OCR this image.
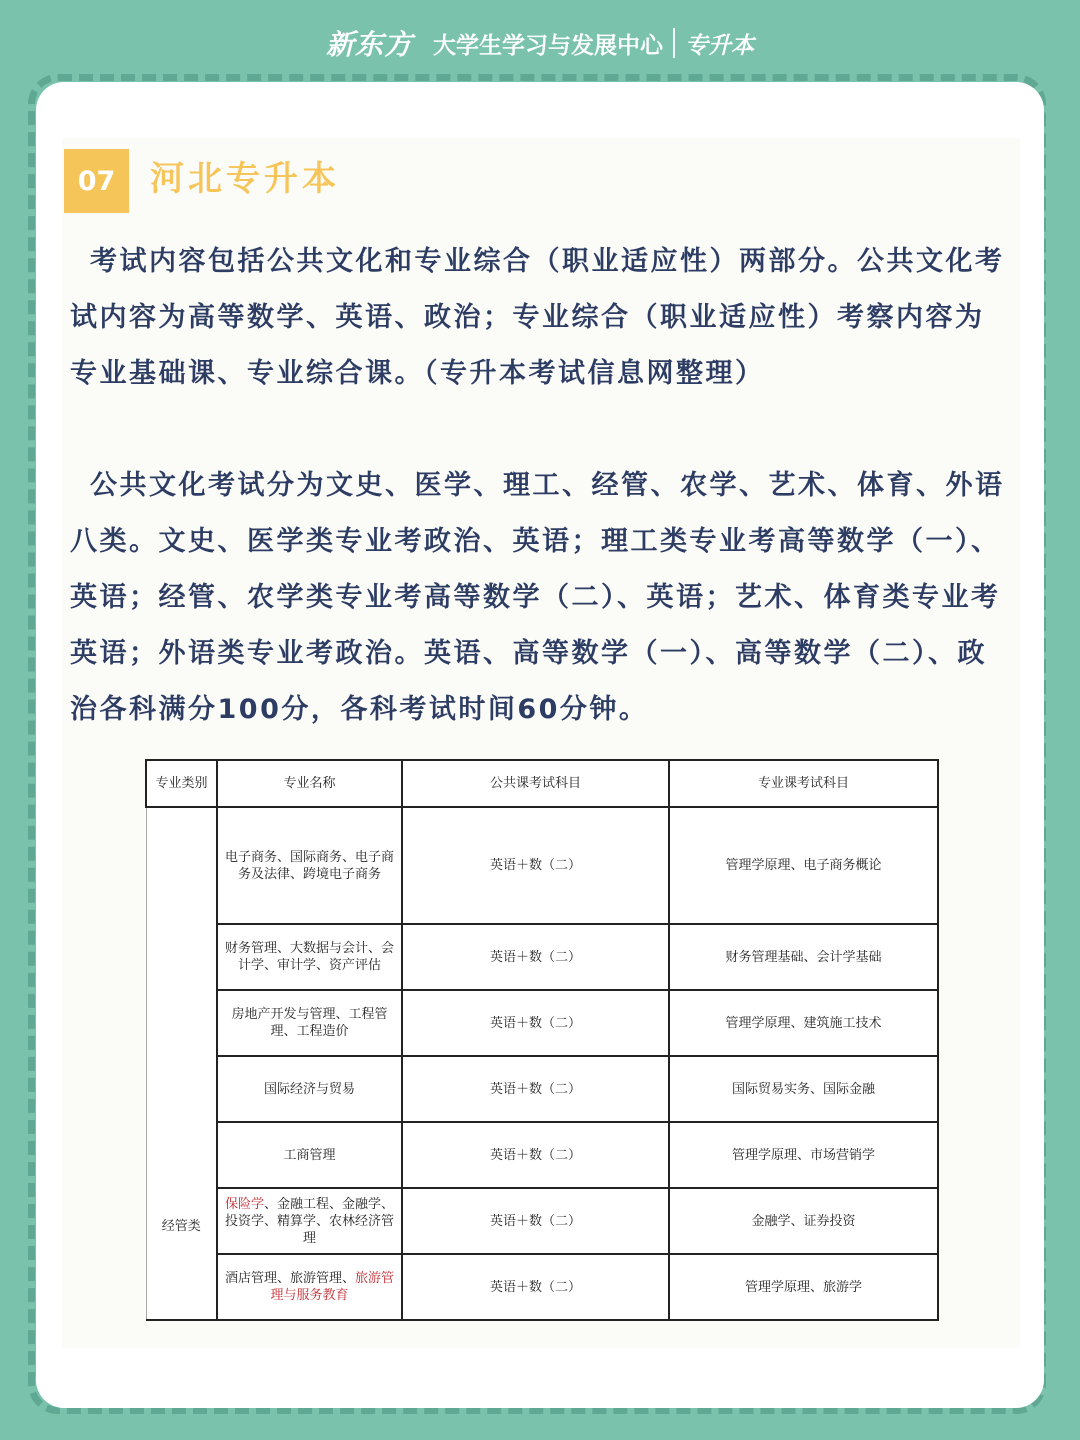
新东方 大学生学习与发展中心 专升本
07	河北专升本
考试内容包括公共文化和专业综合（职业适应性）两部分。公共文化考试内容为高等数学、英语、政治；专业综合（职业适应性）考察内容为专业基础课、专业综合课。（专升本考试信息网整理）
公共文化考试分为文史、医学、理工、经管、农学、艺术、体育、外语八类。文史、医学类专业考政治、英语；理工类专业考高等数学（一）、英语；经管、农学类专业考高等数学（二）、英语；艺术、体育类专业考英语；外语类专业考政治。英语、高等数学（一）、高等数学（二）、政治各科满分100分，各科考试时间60分钟。
专业类别	专业名称	公共课考试科目	专业课考试科目
经管类	电子商务、国际商务、电子商务及法律、跨境电子商务	英语＋数（二）	管理学原理、电子商务概论
	财务管理、大数据与会计、会计学、审计学、资产评估	英语＋数（二）	财务管理基础、会计学基础
	房地产开发与管理、工程管理、工程造价	英语＋数（二）	管理学原理、建筑施工技术
	国际经济与贸易	英语＋数（二）	国际贸易实务、国际金融
	工商管理	英语＋数（二）	管理学原理、市场营销学
	保险学、金融工程、金融学、投资学、精算学、农林经济管理	英语＋数（二）	金融学、证券投资
	酒店管理、旅游管理、旅游管理与服务教育	英语＋数（二）	管理学原理、旅游学
